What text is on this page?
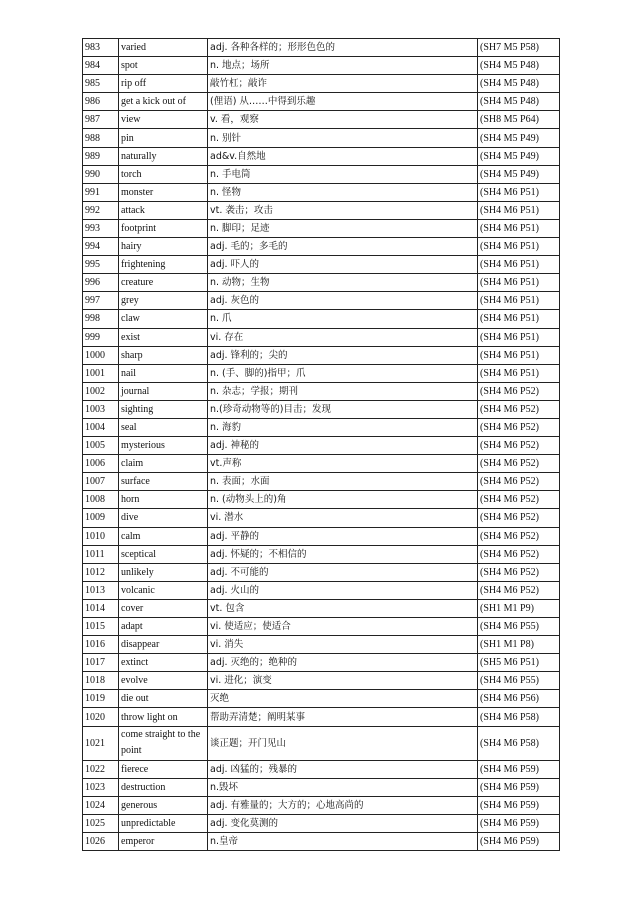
983	varied	adj. 各种各样的；形形色色的	(SH7 M5 P58)
984	spot	n. 地点；场所	(SH4 M5 P48)
985	rip off	敲竹杠；敲诈	(SH4 M5 P48)
986	get a kick out of	(俚语) 从……中得到乐趣	(SH4 M5 P48)
987	view	v. 看，观察	(SH8 M5 P64)
988	pin	n. 别针	(SH4 M5 P49)
989	naturally	ad&v.自然地	(SH4 M5 P49)
990	torch	n. 手电筒	(SH4 M5 P49)
991	monster	n. 怪物	(SH4 M6 P51)
992	attack	vt. 袭击；攻击	(SH4 M6 P51)
993	footprint	n. 脚印；足迹	(SH4 M6 P51)
994	hairy	adj. 毛的；多毛的	(SH4 M6 P51)
995	frightening	adj. 吓人的	(SH4 M6 P51)
996	creature	n. 动物；生物	(SH4 M6 P51)
997	grey	adj. 灰色的	(SH4 M6 P51)
998	claw	n. 爪	(SH4 M6 P51)
999	exist	vi. 存在	(SH4 M6 P51)
1000	sharp	adj. 锋利的；尖的	(SH4 M6 P51)
1001	nail	n. (手、脚的)指甲；爪	(SH4 M6 P51)
1002	journal	n. 杂志；学报；期刊	(SH4 M6 P52)
1003	sighting	n.(珍奇动物等的)目击；发现	(SH4 M6 P52)
1004	seal	n. 海豹	(SH4 M6 P52)
1005	mysterious	adj. 神秘的	(SH4 M6 P52)
1006	claim	vt.声称	(SH4 M6 P52)
1007	surface	n. 表面；水面	(SH4 M6 P52)
1008	horn	n. (动物头上的)角	(SH4 M6 P52)
1009	dive	vi. 潜水	(SH4 M6 P52)
1010	calm	adj. 平静的	(SH4 M6 P52)
1011	sceptical	adj. 怀疑的；不相信的	(SH4 M6 P52)
1012	unlikely	adj. 不可能的	(SH4 M6 P52)
1013	volcanic	adj. 火山的	(SH4 M6 P52)
1014	cover	vt. 包含	(SH1 M1 P9)
1015	adapt	vi. 使适应；使适合	(SH4 M6 P55)
1016	disappear	vi. 消失	(SH1 M1 P8)
1017	extinct	adj. 灭绝的；绝种的	(SH5 M6 P51)
1018	evolve	vi. 进化；演变	(SH4 M6 P55)
1019	die out	灭绝	(SH4 M6 P56)
1020	throw light on	帮助弄清楚；阐明某事	(SH4 M6 P58)
1021	come straight to the point	谈正题；开门见山	(SH4 M6 P58)
1022	fierece	adj. 凶猛的；残暴的	(SH4 M6 P59)
1023	destruction	n.毁坏	(SH4 M6 P59)
1024	generous	adj. 有雅量的；大方的；心地高尚的	(SH4 M6 P59)
1025	unpredictable	adj. 变化莫测的	(SH4 M6 P59)
1026	emperor	n.皇帝	(SH4 M6 P59)
